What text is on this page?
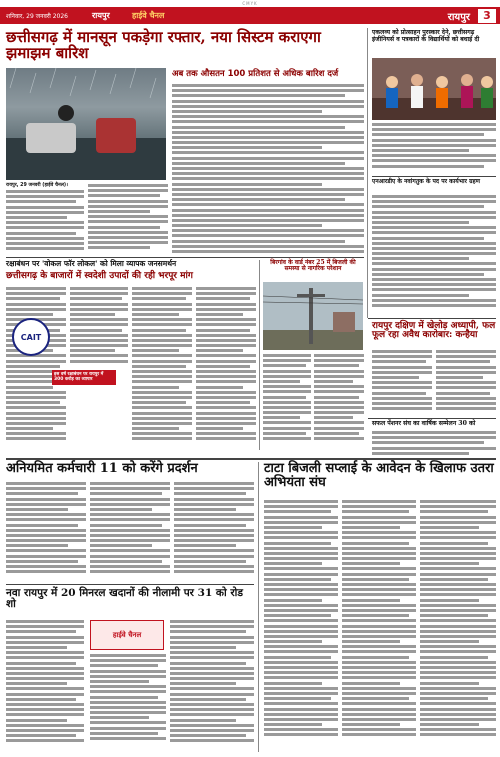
CMYK
शनिवार, 29 जनवरी 2026	रायपुर	हाईवे चैनल	रायपुर	3
छत्तीसगढ़ में मानसून पकड़ेगा रफ्तार, नया सिस्टम कराएगा झमाझम बारिश
अब तक औसतन 100 प्रतिशत से अधिक बारिश दर्ज
रायपुर, 29 जनवरी (हाईवे चैनल)।
एकलव्य को प्रोत्साहन पुरस्कार देने, छत्तीसगढ़ इंजीनियर्स व पत्रकारों के विद्यार्थियों को बधाई दी
एनआरडीए के नवांगतुक के पद पर कार्यभार ग्रहण
रक्षाबंधन पर 'वोकल फॉर लोकल' को मिला व्यापक जनसमर्थन
छत्तीसगढ़ के बाजारों में स्वदेशी उपादों की रही भरपूर मांग
CAIT
इस वर्ष रक्षाबंधन पर रायपुर में 300 करोड़ का व्यापार
बिरगांव के वार्ड नंबर 25 में बिजली की समस्या से नागरिक परेशान
रायपुर दक्षिण में खेलोड़ अध्यापी, फल फूल रहा अवैध कारोबार: कन्हैया
सफल पेंशनर संघ का वार्षिक सम्मेलन 30 को
अनियमित कर्मचारी 11 को करेंगे प्रदर्शन	टाटा बिजली सप्लाई के आवेदन के खिलाफ उतरा अभियंता संघ
नवा रायपुर में 20 मिनरल खदानों की नीलामी पर 31 को रोड शो
हाईवे चैनल
